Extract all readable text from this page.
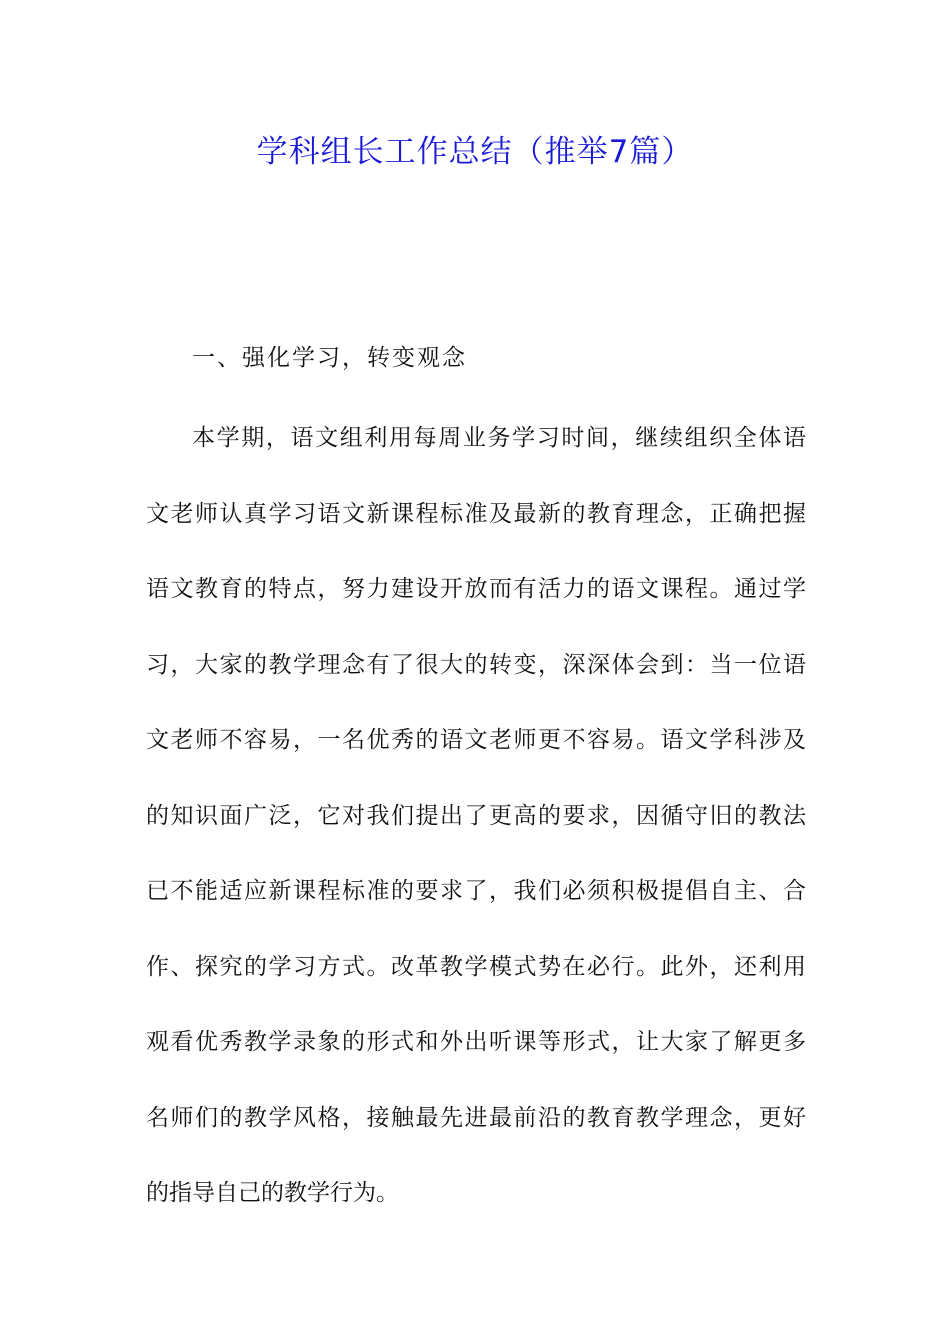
学科组长工作总结（推举7篇）

一、强化学习，转变观念

本学期，语文组利用每周业务学习时间，继续组织全体语
文老师认真学习语文新课程标准及最新的教育理念，正确把握
语文教育的特点，努力建设开放而有活力的语文课程。通过学
习，大家的教学理念有了很大的转变，深深体会到：当一位语
文老师不容易，一名优秀的语文老师更不容易。语文学科涉及
的知识面广泛，它对我们提出了更高的要求，因循守旧的教法
已不能适应新课程标准的要求了，我们必须积极提倡自主、合
作、探究的学习方式。改革教学模式势在必行。此外，还利用
观看优秀教学录象的形式和外出听课等形式，让大家了解更多
名师们的教学风格，接触最先进最前沿的教育教学理念，更好
的指导自己的教学行为。
